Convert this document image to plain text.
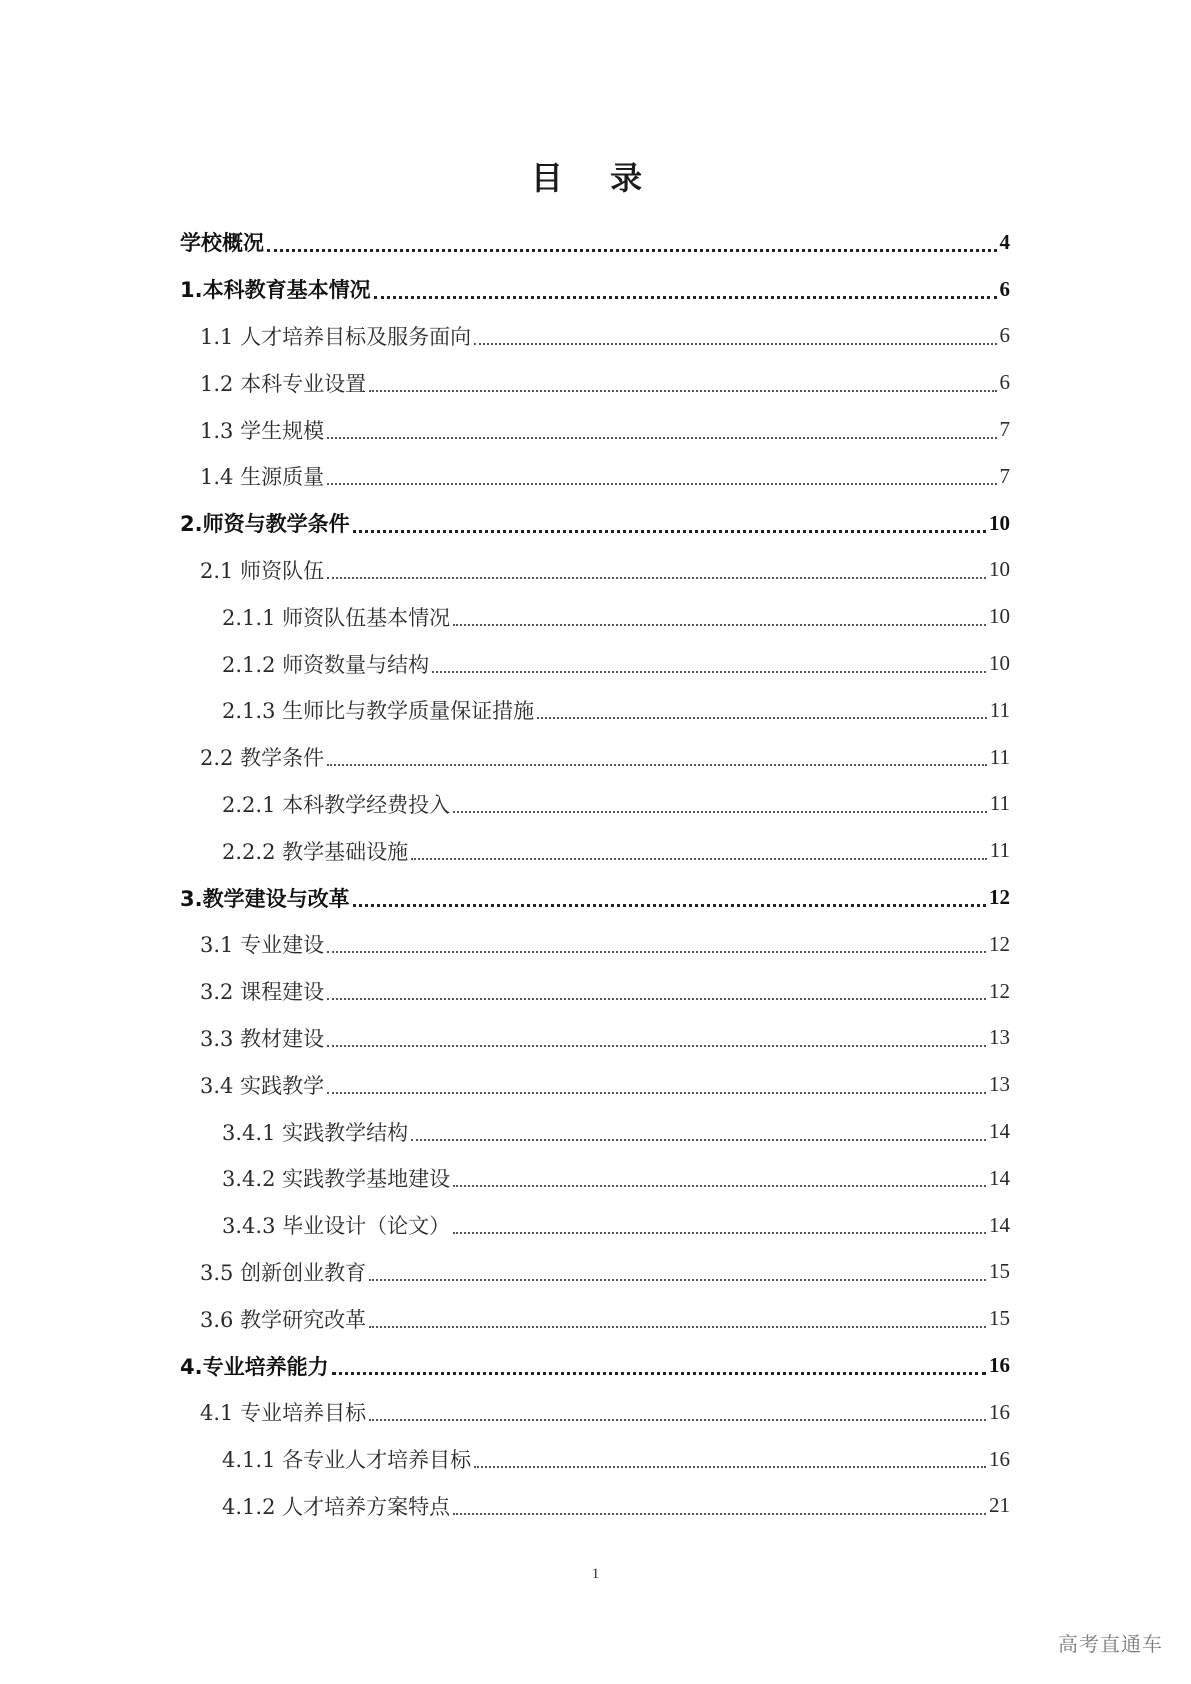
目 录
学校概况	4
1.本科教育基本情况	6
1.1 人才培养目标及服务面向	6
1.2 本科专业设置	6
1.3 学生规模	7
1.4 生源质量	7
2.师资与教学条件	10
2.1 师资队伍	10
2.1.1 师资队伍基本情况	10
2.1.2 师资数量与结构	10
2.1.3 生师比与教学质量保证措施	11
2.2 教学条件	11
2.2.1 本科教学经费投入	11
2.2.2 教学基础设施	11
3.教学建设与改革	12
3.1 专业建设	12
3.2 课程建设	12
3.3 教材建设	13
3.4 实践教学	13
3.4.1 实践教学结构	14
3.4.2 实践教学基地建设	14
3.4.3 毕业设计（论文）	14
3.5 创新创业教育	15
3.6 教学研究改革	15
4.专业培养能力	16
4.1 专业培养目标	16
4.1.1 各专业人才培养目标	16
4.1.2 人才培养方案特点	21
1
高考直通车
